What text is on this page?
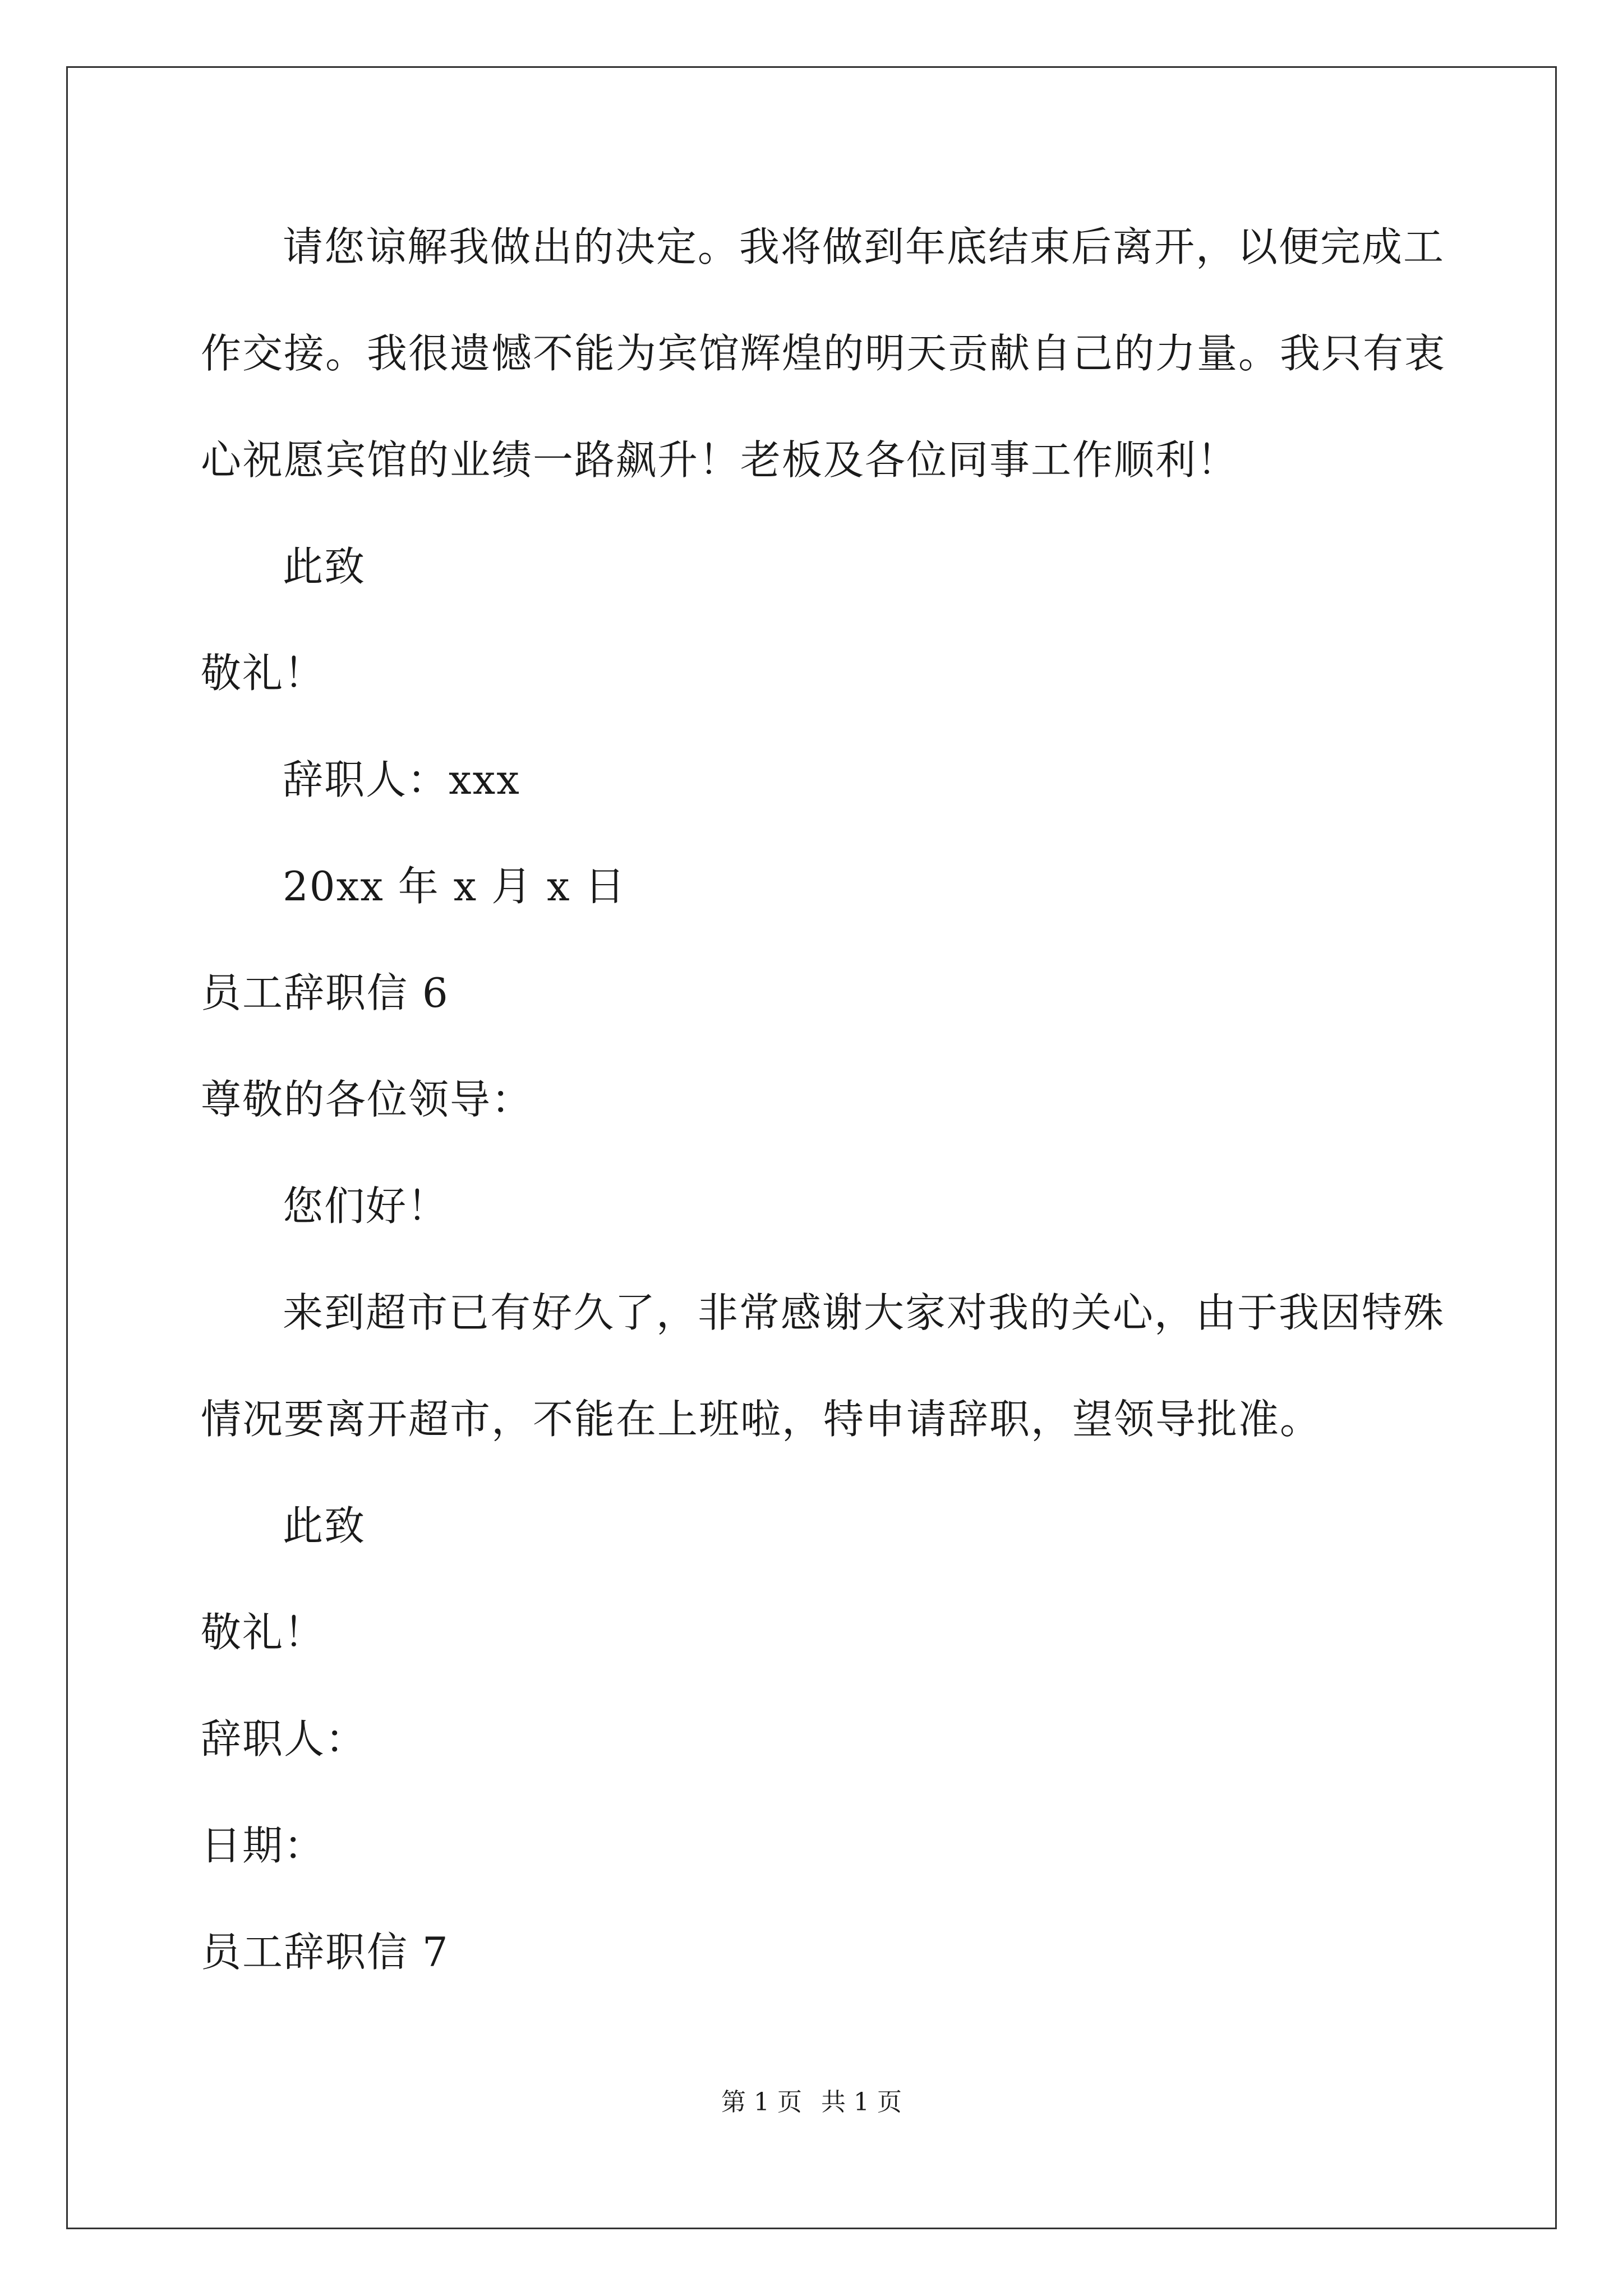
请您谅解我做出的决定。我将做到年底结束后离开，以便完成工
作交接。我很遗憾不能为宾馆辉煌的明天贡献自己的力量。我只有衷
心祝愿宾馆的业绩一路飙升！老板及各位同事工作顺利！
此致
敬礼！
辞职人：xxx
20xx 年 x 月 x 日
员工辞职信 6
尊敬的各位领导：
您们好！
来到超市已有好久了，非常感谢大家对我的关心，由于我因特殊
情况要离开超市，不能在上班啦，特申请辞职，望领导批准。
此致
敬礼！
辞职人：
日期：
员工辞职信 7
第 1 页 共 1 页
